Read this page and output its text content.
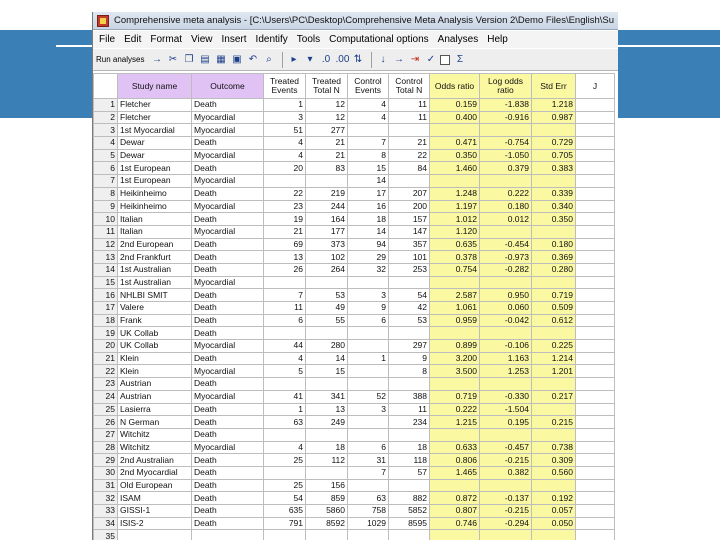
Comprehensive meta analysis - [C:\Users\PC\Desktop\Comprehensive Meta Analysis Version 2\Demo Files\English\Su
File Edit Format View Insert Identify Tools Computational options Analyses Help
Run analyses → ✂ ❐ ▤ ▦ ▣ ↶ ⌕	▸	▾ .0 .00 ⇅	↓ → ⇥ ✓	Σ
	Study name	Outcome	Treated Events	Treated Total N	Control Events	Control Total N	Odds ratio	Log odds ratio	Std Err	J
1	Fletcher	Death	1	12	4	11	0.159	-1.838	1.218	
2	Fletcher	Myocardial	3	12	4	11	0.400	-0.916	0.987	
3	1st Myocardial	Myocardial	51	277						
4	Dewar	Death	4	21	7	21	0.471	-0.754	0.729	
5	Dewar	Myocardial	4	21	8	22	0.350	-1.050	0.705	
6	1st European	Death	20	83	15	84	1.460	0.379	0.383	
7	1st European	Myocardial			14					
8	Heikinheimo	Death	22	219	17	207	1.248	0.222	0.339	
9	Heikinheimo	Myocardial	23	244	16	200	1.197	0.180	0.340	
10	Italian	Death	19	164	18	157	1.012	0.012	0.350	
11	Italian	Myocardial	21	177	14	147	1.120			
12	2nd European	Death	69	373	94	357	0.635	-0.454	0.180	
13	2nd Frankfurt	Death	13	102	29	101	0.378	-0.973	0.369	
14	1st Australian	Death	26	264	32	253	0.754	-0.282	0.280	
15	1st Australian	Myocardial								
16	NHLBI SMIT	Death	7	53	3	54	2.587	0.950	0.719	
17	Valere	Death	11	49	9	42	1.061	0.060	0.509	
18	Frank	Death	6	55	6	53	0.959	-0.042	0.612	
19	UK Collab	Death								
20	UK Collab	Myocardial	44	280		297	0.899	-0.106	0.225	
21	Klein	Death	4	14	1	9	3.200	1.163	1.214	
22	Klein	Myocardial	5	15		8	3.500	1.253	1.201	
23	Austrian	Death								
24	Austrian	Myocardial	41	341	52	388	0.719	-0.330	0.217	
25	Lasierra	Death	1	13	3	11	0.222	-1.504		
26	N German	Death	63	249		234	1.215	0.195	0.215	
27	Witchitz	Death								
28	Witchitz	Myocardial	4	18	6	18	0.633	-0.457	0.738	
29	2nd Australian	Death	25	112	31	118	0.806	-0.215	0.309	
30	2nd Myocardial	Death			7	57	1.465	0.382	0.560	
31	Old European	Death	25	156						
32	ISAM	Death	54	859	63	882	0.872	-0.137	0.192	
33	GISSI-1	Death	635	5860	758	5852	0.807	-0.215	0.057	
34	ISIS-2	Death	791	8592	1029	8595	0.746	-0.294	0.050	
35										
